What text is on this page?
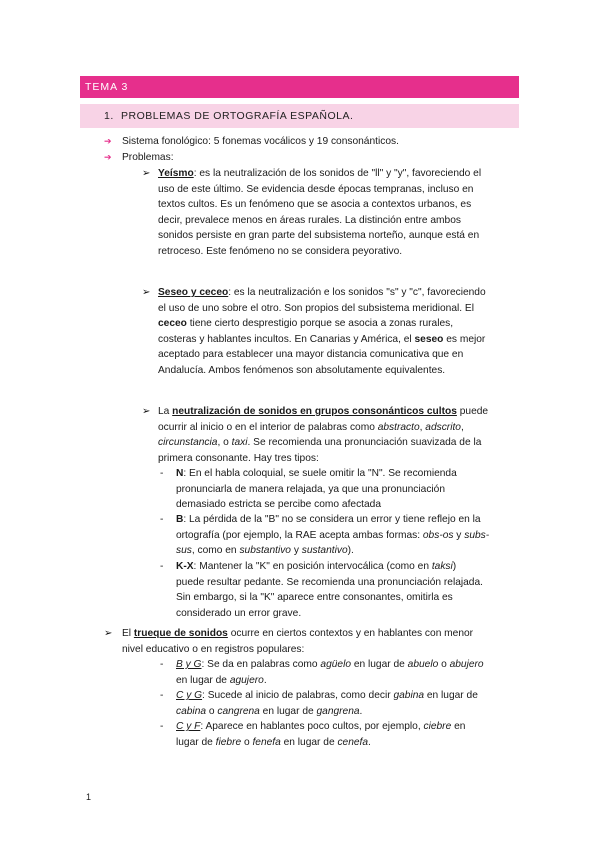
TEMA 3
1. PROBLEMAS DE ORTOGRAFÍA ESPAÑOLA.
➔ Sistema fonológico: 5 fonemas vocálicos y 19 consonánticos.
➔ Problemas:
➢ Yeísmo: es la neutralización de los sonidos de "ll" y "y", favoreciendo el
uso de este último. Se evidencia desde épocas tempranas, incluso en
textos cultos. Es un fenómeno que se asocia a contextos urbanos, es
decir, prevalece menos en áreas rurales. La distinción entre ambos
sonidos persiste en gran parte del subsistema norteño, aunque está en
retroceso. Este fenómeno no se considera peyorativo.
➢ Seseo y ceceo: es la neutralización e los sonidos "s" y "c", favoreciendo
el uso de uno sobre el otro. Son propios del subsistema meridional. El
ceceo tiene cierto desprestigio porque se asocia a zonas rurales,
costeras y hablantes incultos. En Canarias y América, el seseo es mejor
aceptado para establecer una mayor distancia comunicativa que en
Andalucía. Ambos fenómenos son absolutamente equivalentes.
➢ La neutralización de sonidos en grupos consonánticos cultos puede
ocurrir al inicio o en el interior de palabras como abstracto, adscrito,
circunstancia, o taxi. Se recomienda una pronunciación suavizada de la
primera consonante. Hay tres tipos:
- N: En el habla coloquial, se suele omitir la "N". Se recomienda
pronunciarla de manera relajada, ya que una pronunciación
demasiado estricta se percibe como afectada
- B: La pérdida de la "B" no se considera un error y tiene reflejo en la
ortografía (por ejemplo, la RAE acepta ambas formas: obs-os y subs-
sus, como en substantivo y sustantivo).
- K-X: Mantener la "K" en posición intervocálica (como en taksi)
puede resultar pedante. Se recomienda una pronunciación relajada.
Sin embargo, si la "K" aparece entre consonantes, omitirla es
considerado un error grave.
➢ El trueque de sonidos ocurre en ciertos contextos y en hablantes con menor
nivel educativo o en registros populares:
- B y G: Se da en palabras como agüelo en lugar de abuelo o abujero
en lugar de agujero.
- C y G: Sucede al inicio de palabras, como decir gabina en lugar de
cabina o cangrena en lugar de gangrena.
- C y F: Aparece en hablantes poco cultos, por ejemplo, ciebre en
lugar de fiebre o fenefa en lugar de cenefa.
1
